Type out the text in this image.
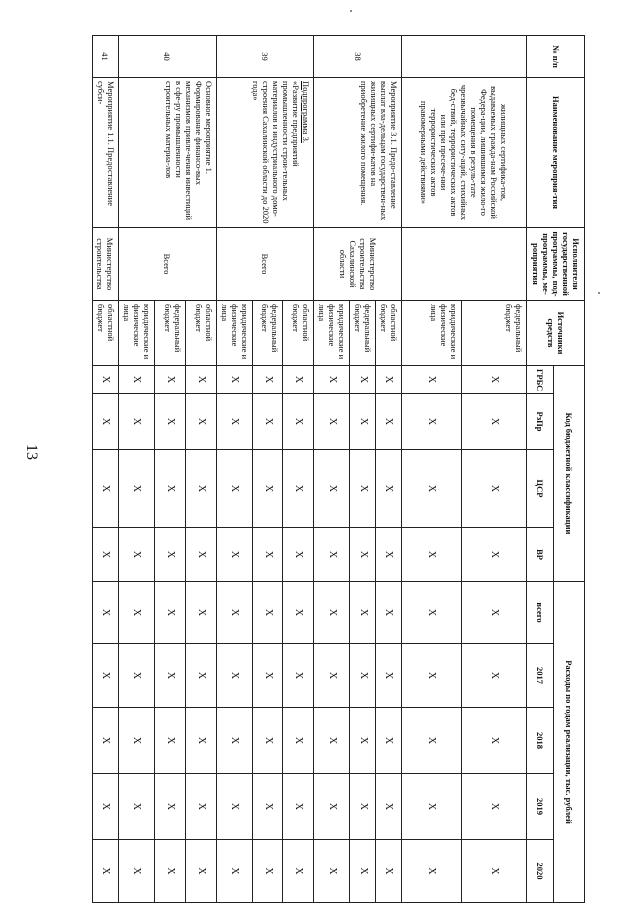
13
№ п/п	Наименование мероприя-тия	Исполнители государственной программы, под-программы, ме-роприятия	Источники средств	Код бюджетной классификации				Расходы по годам реализации, тыс. рублей				
				ГРБС	РзПр	ЦСР	ВР	всего	2017	2018	2019	2020
	жилищных сертифика-тов, выдаваемых граждa-нам Российской Федера-ции, лишившимся жило-го помещения в резуль-тате чрезвычайных ситу-аций, стихийных бед-ствий, террористических актов или при пресече-нии террористических актов правомерными действиями»		федеральный бюджет	Х	Х	Х	Х	Х	Х	Х	Х	Х
			юридические и физические лица	Х	Х	Х	Х	Х	Х	Х	Х	Х
38	Мероприятие 3.1. Предо-ставление выплат вла-дельцам государствен-ных жилищных сертифи-катов на приобретение жилого помещения.	Министерство строительства Сахалинской области	областной бюджет	Х	Х	Х	Х	Х	Х	Х	Х	Х
			федеральный бюджет	Х	Х	Х	Х	Х	Х	Х	Х	Х
			юридические и физические лица	Х	Х	Х	Х	Х	Х	Х	Х	Х
39	Подпрограмма 3.
«Развитие предприятий промышленности строи-тельных материалов и индустриального домо-строения Сахалинской области до 2020 года»	Всего	областной бюджет	Х	Х	Х	Х	Х	Х	Х	Х	Х
			федеральный бюджет	Х	Х	Х	Х	Х	Х	Х	Х	Х
			юридические и физические лица	Х	Х	Х	Х	Х	Х	Х	Х	Х
40	Основное мероприятие 1. Формирование финансо-вых механизмов привле-чения инвестиций в сфе-ру промышленности строительных материа-лов	Всего	областной бюджет	Х	Х	Х	Х	Х	Х	Х	Х	Х
			федеральный бюджет	Х	Х	Х	Х	Х	Х	Х	Х	Х
			юридические и физические лица	Х	Х	Х	Х	Х	Х	Х	Х	Х
41	Мероприятие 1.1. Предоставление субси-	Министерство строительства	областной бюджет	Х	Х	Х	Х	Х	Х	Х	Х	Х
